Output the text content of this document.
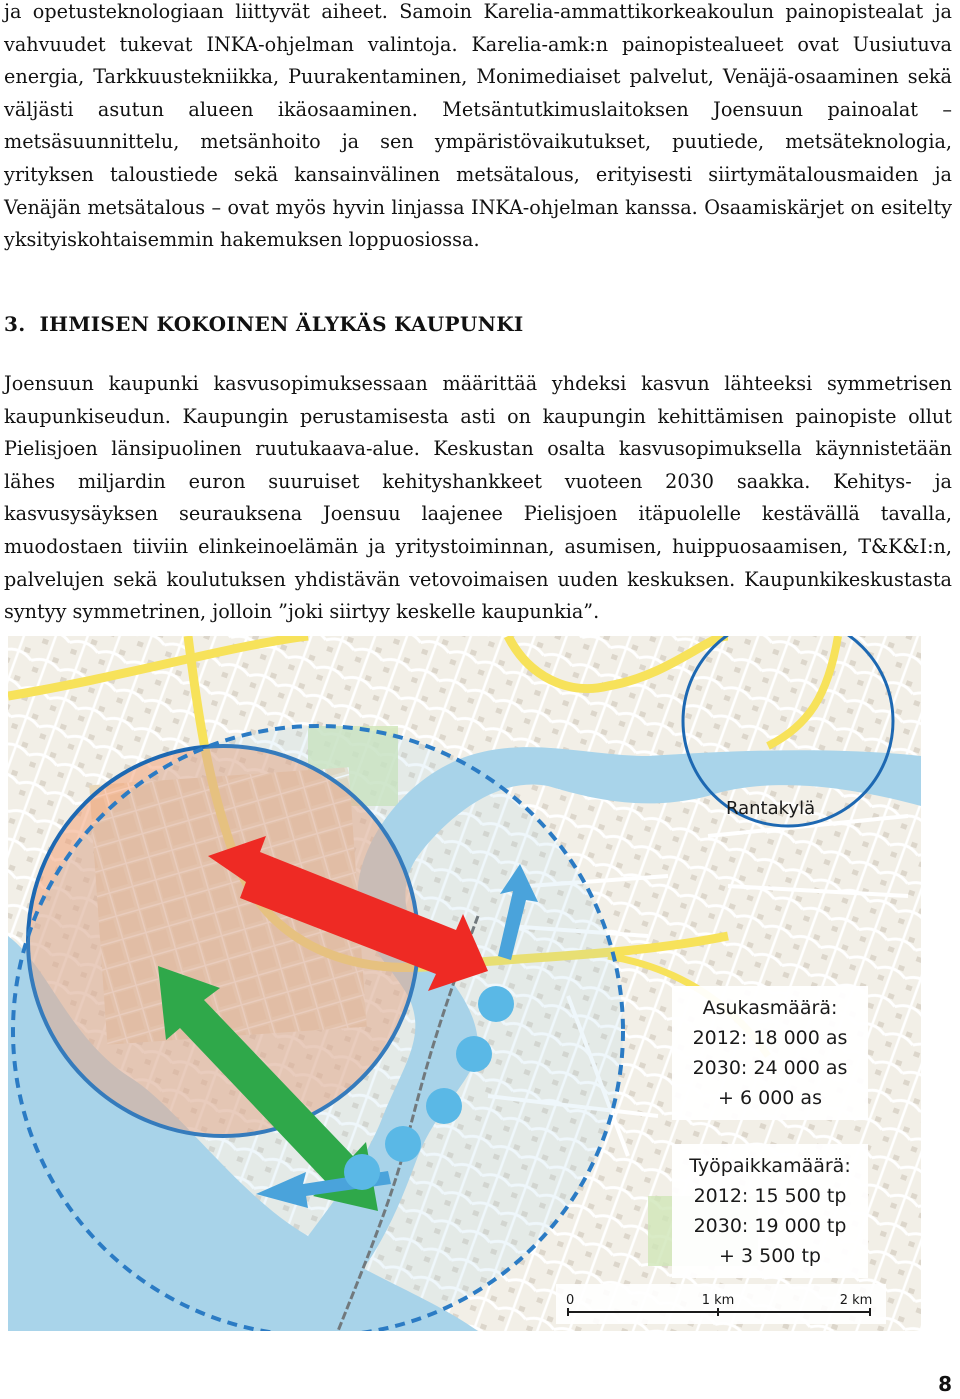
ja opetusteknologiaan liittyvät aiheet. Samoin Karelia-ammattikorkeakoulun painopistealat ja vahvuudet tukevat INKA-ohjelman valintoja. Karelia-amk:n painopistealueet ovat Uusiutuva energia, Tarkkuustekniikka, Puurakentaminen, Monimediaiset palvelut, Venäjä-osaaminen sekä väljästi asutun alueen ikäosaaminen. Metsäntutkimuslaitoksen Joensuun painoalat – metsäsuunnittelu, metsänhoito ja sen ympäristövaikutukset, puutiede, metsäteknologia, yrityksen taloustiede sekä kansainvälinen metsätalous, erityisesti siirtymätalousmaiden ja Venäjän metsätalous – ovat myös hyvin linjassa INKA-ohjelman kanssa. Osaamiskärjet on esitelty yksityiskohtaisemmin hakemuksen loppuosiossa.

3. IHMISEN KOKOINEN ÄLYKÄS KAUPUNKI

Joensuun kaupunki kasvusopimuksessaan määrittää yhdeksi kasvun lähteeksi symmetrisen kaupunkiseudun. Kaupungin perustamisesta asti on kaupungin kehittämisen painopiste ollut Pielisjoen länsipuolinen ruutukaava-alue. Keskustan osalta kasvusopimuksella käynnistetään lähes miljardin euron suuruiset kehityshankkeet vuoteen 2030 saakka. Kehitys- ja kasvusysäyksen seurauksena Joensuu laajenee Pielisjoen itäpuolelle kestävällä tavalla, muodostaen tiiviin elinkeinoelämän ja yritystoiminnan, asumisen, huippuosaamisen, T&K&I:n, palvelujen sekä koulutuksen yhdistävän vetovoimaisen uuden keskuksen. Kaupunkikeskustasta syntyy symmetrinen, jolloin ”joki siirtyy keskelle kaupunkia”.

Rantakylä
Asukasmäärä:
2012: 18 000 as
2030: 24 000 as
+ 6 000 as
Työpaikkamäärä:
2012: 15 500 tp
2030: 19 000 tp
+ 3 500 tp
0	1 km	2 km
8
